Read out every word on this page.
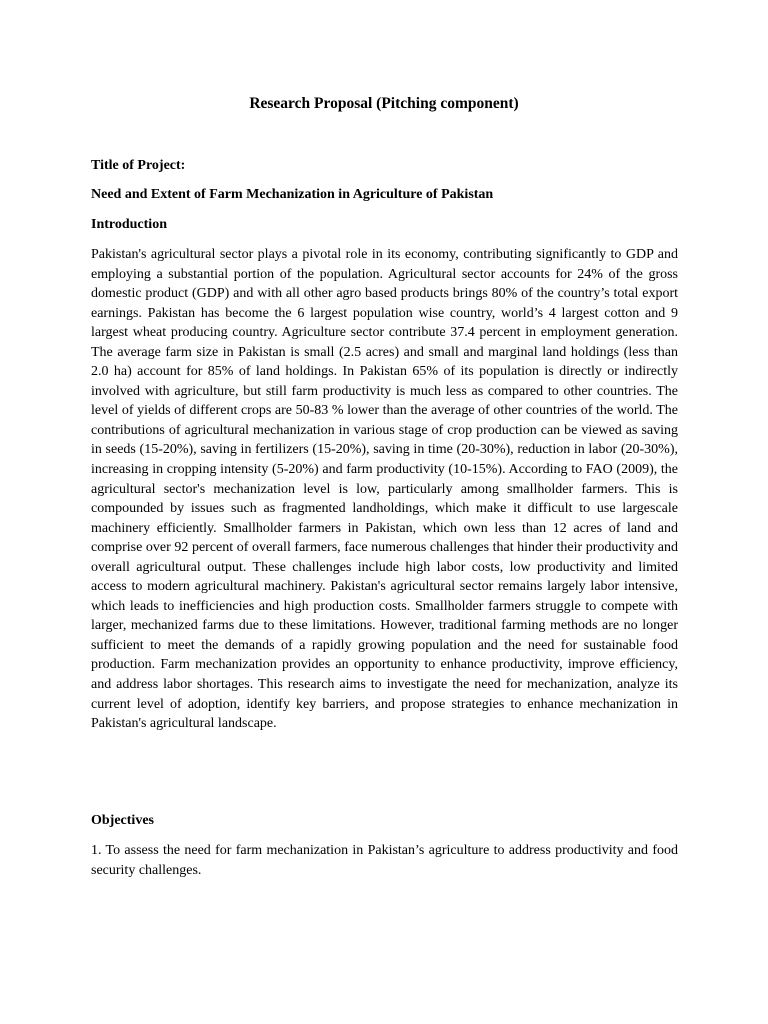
Research Proposal (Pitching component)

Title of Project:

Need and Extent of Farm Mechanization in Agriculture of Pakistan

Introduction

Pakistan's agricultural sector plays a pivotal role in its economy, contributing significantly to GDP and employing a substantial portion of the population. Agricultural sector accounts for 24% of the gross domestic product (GDP) and with all other agro based products brings 80% of the country’s total export earnings. Pakistan has become the 6 largest population wise country, world’s 4 largest cotton and 9 largest wheat producing country. Agriculture sector contribute 37.4 percent in employment generation. The average farm size in Pakistan is small (2.5 acres) and small and marginal land holdings (less than 2.0 ha) account for 85% of land holdings. In Pakistan 65% of its population is directly or indirectly involved with agriculture, but still farm productivity is much less as compared to other countries. The level of yields of different crops are 50-83 % lower than the average of other countries of the world. The contributions of agricultural mechanization in various stage of crop production can be viewed as saving in seeds (15-20%), saving in fertilizers (15-20%), saving in time (20-30%), reduction in labor (20-30%), increasing in cropping intensity (5-20%) and farm productivity (10-15%). According to FAO (2009), the agricultural sector's mechanization level is low, particularly among smallholder farmers. This is compounded by issues such as fragmented landholdings, which make it difficult to use largescale machinery efficiently. Smallholder farmers in Pakistan, which own less than 12 acres of land and comprise over 92 percent of overall farmers, face numerous challenges that hinder their productivity and overall agricultural output. These challenges include high labor costs, low productivity and limited access to modern agricultural machinery. Pakistan's agricultural sector remains largely labor intensive, which leads to inefficiencies and high production costs. Smallholder farmers struggle to compete with larger, mechanized farms due to these limitations. However, traditional farming methods are no longer sufficient to meet the demands of a rapidly growing population and the need for sustainable food production. Farm mechanization provides an opportunity to enhance productivity, improve efficiency, and address labor shortages. This research aims to investigate the need for mechanization, analyze its current level of adoption, identify key barriers, and propose strategies to enhance mechanization in Pakistan's agricultural landscape.

Objectives

1. To assess the need for farm mechanization in Pakistan’s agriculture to address productivity and food security challenges.
